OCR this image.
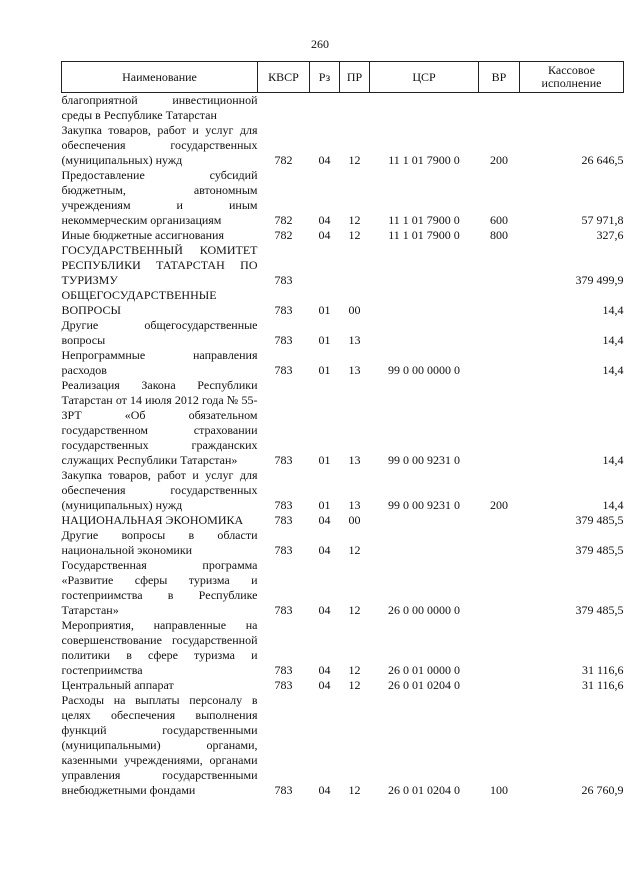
260
Наименование	КВСР	Рз	ПР	ЦСР	ВР	Кассовое исполнение
благоприятной инвестиционной среды в Республике Татарстан						
Закупка товаров, работ и услуг для обеспечения государственных (муниципальных) нужд	782	04	12	11 1 01 7900 0	200	26 646,5
Предоставление субсидий бюджетным, автономным учреждениям и иным некоммерческим организациям	782	04	12	11 1 01 7900 0	600	57 971,8
Иные бюджетные ассигнования	782	04	12	11 1 01 7900 0	800	327,6
ГОСУДАРСТВЕННЫЙ КОМИТЕТ РЕСПУБЛИКИ ТАТАРСТАН ПО ТУРИЗМУ	783					379 499,9
ОБЩЕГОСУДАРСТВЕННЫЕ ВОПРОСЫ	783	01	00			14,4
Другие общегосударственные вопросы	783	01	13			14,4
Непрограммные направления расходов	783	01	13	99 0 00 0000 0		14,4
Реализация Закона Республики Татарстан от 14 июля 2012 года № 55-ЗРТ «Об обязательном государственном страховании государственных гражданских служащих Республики Татарстан»	783	01	13	99 0 00 9231 0		14,4
Закупка товаров, работ и услуг для обеспечения государственных (муниципальных) нужд	783	01	13	99 0 00 9231 0	200	14,4
НАЦИОНАЛЬНАЯ ЭКОНОМИКА	783	04	00			379 485,5
Другие вопросы в области национальной экономики	783	04	12			379 485,5
Государственная программа «Развитие сферы туризма и гостеприимства в Республике Татарстан»	783	04	12	26 0 00 0000 0		379 485,5
Мероприятия, направленные на совершенствование государственной политики в сфере туризма и гостеприимства	783	04	12	26 0 01 0000 0		31 116,6
Центральный аппарат	783	04	12	26 0 01 0204 0		31 116,6
Расходы на выплаты персоналу в целях обеспечения выполнения функций государственными (муниципальными) органами, казенными учреждениями, органами управления государственными внебюджетными фондами	783	04	12	26 0 01 0204 0	100	26 760,9
